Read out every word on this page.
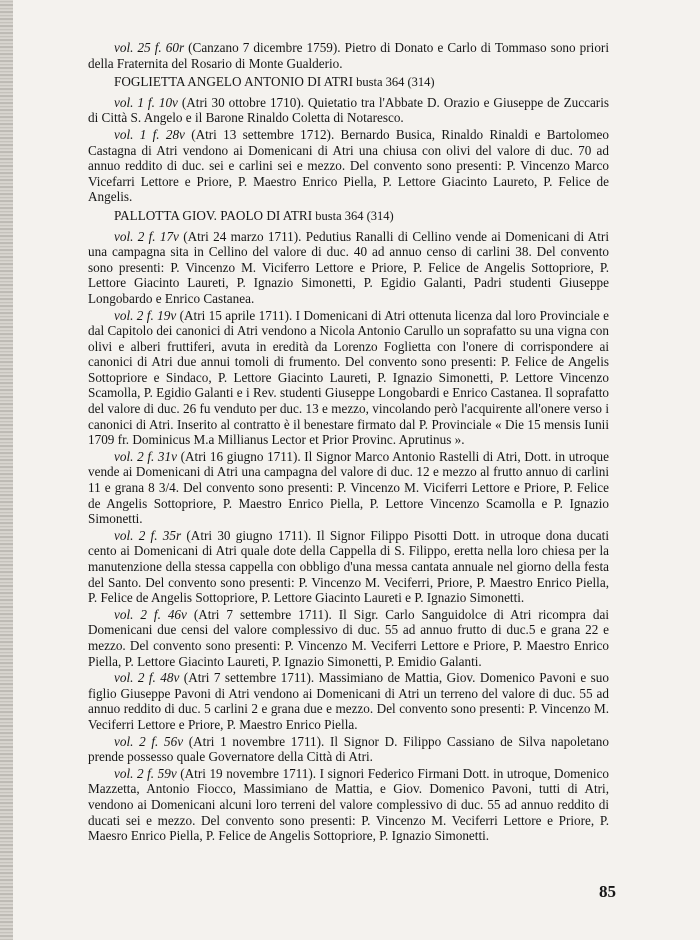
vol. 25 f. 60r (Canzano 7 dicembre 1759). Pietro di Donato e Carlo di Tommaso sono priori della Fraternita del Rosario di Monte Gualderio.

FOGLIETTA ANGELO ANTONIO DI ATRI busta 364 (314)

vol. 1 f. 10v (Atri 30 ottobre 1710). Quietatio tra l'Abbate D. Orazio e Giuseppe de Zuccaris di Città S. Angelo e il Barone Rinaldo Coletta di Notaresco.

vol. 1 f. 28v (Atri 13 settembre 1712). Bernardo Busica, Rinaldo Rinaldi e Bartolomeo Castagna di Atri vendono ai Domenicani di Atri una chiusa con olivi del valore di duc. 70 ad annuo reddito di duc. sei e carlini sei e mezzo. Del convento sono presenti: P. Vincenzo Marco Vicefarri Lettore e Priore, P. Maestro Enrico Piella, P. Lettore Giacinto Laureto, P. Felice de Angelis.

PALLOTTA GIOV. PAOLO DI ATRI busta 364 (314)

vol. 2 f. 17v (Atri 24 marzo 1711). Pedutius Ranalli di Cellino vende ai Domenicani di Atri una campagna sita in Cellino del valore di duc. 40 ad annuo censo di carlini 38. Del convento sono presenti: P. Vincenzo M. Viciferro Lettore e Priore, P. Felice de Angelis Sottopriore, P. Lettore Giacinto Laureti, P. Ignazio Simonetti, P. Egidio Galanti, Padri studenti Giuseppe Longobardo e Enrico Castanea.

vol. 2 f. 19v (Atri 15 aprile 1711). I Domenicani di Atri ottenuta licenza dal loro Provinciale e dal Capitolo dei canonici di Atri vendono a Nicola Antonio Carullo un soprafatto su una vigna con olivi e alberi fruttiferi, avuta in eredità da Lorenzo Foglietta con l'onere di corrispondere ai canonici di Atri due annui tomoli di frumento. Del convento sono presenti: P. Felice de Angelis Sottopriore e Sindaco, P. Lettore Giacinto Laureti, P. Ignazio Simonetti, P. Lettore Vincenzo Scamolla, P. Egidio Galanti e i Rev. studenti Giuseppe Longobardi e Enrico Castanea. Il soprafatto del valore di duc. 26 fu venduto per duc. 13 e mezzo, vincolando però l'acquirente all'onere verso i canonici di Atri. Inserito al contratto è il benestare firmato dal P. Provinciale « Die 15 mensis Iunii 1709 fr. Dominicus M.a Millianus Lector et Prior Provinc. Aprutinus ».

vol. 2 f. 31v (Atri 16 giugno 1711). Il Signor Marco Antonio Rastelli di Atri, Dott. in utroque vende ai Domenicani di Atri una campagna del valore di duc. 12 e mezzo al frutto annuo di carlini 11 e grana 8 3/4. Del convento sono presenti: P. Vincenzo M. Viciferri Lettore e Priore, P. Felice de Angelis Sottopriore, P. Maestro Enrico Piella, P. Lettore Vincenzo Scamolla e P. Ignazio Simonetti.

vol. 2 f. 35r (Atri 30 giugno 1711). Il Signor Filippo Pisotti Dott. in utroque dona ducati cento ai Domenicani di Atri quale dote della Cappella di S. Filippo, eretta nella loro chiesa per la manutenzione della stessa cappella con obbligo d'una messa cantata annuale nel giorno della festa del Santo. Del convento sono presenti: P. Vincenzo M. Veciferri, Priore, P. Maestro Enrico Piella, P. Felice de Angelis Sottopriore, P. Lettore Giacinto Laureti e P. Ignazio Simonetti.

vol. 2 f. 46v (Atri 7 settembre 1711). Il Sigr. Carlo Sanguidolce di Atri ricompra dai Domenicani due censi del valore complessivo di duc. 55 ad annuo frutto di duc.5 e grana 22 e mezzo. Del convento sono presenti: P. Vincenzo M. Veciferri Lettore e Priore, P. Maestro Enrico Piella, P. Lettore Giacinto Laureti, P. Ignazio Simonetti, P. Emidio Galanti.

vol. 2 f. 48v (Atri 7 settembre 1711). Massimiano de Mattia, Giov. Domenico Pavoni e suo figlio Giuseppe Pavoni di Atri vendono ai Domenicani di Atri un terreno del valore di duc. 55 ad annuo reddito di duc. 5 carlini 2 e grana due e mezzo. Del convento sono presenti: P. Vincenzo M. Veciferri Lettore e Priore, P. Maestro Enrico Piella.

vol. 2 f. 56v (Atri 1 novembre 1711). Il Signor D. Filippo Cassiano de Silva napoletano prende possesso quale Governatore della Città di Atri.

vol. 2 f. 59v (Atri 19 novembre 1711). I signori Federico Firmani Dott. in utroque, Domenico Mazzetta, Antonio Fiocco, Massimiano de Mattia, e Giov. Domenico Pavoni, tutti di Atri, vendono ai Domenicani alcuni loro terreni del valore complessivo di duc. 55 ad annuo reddito di ducati sei e mezzo. Del convento sono presenti: P. Vincenzo M. Veciferri Lettore e Priore, P. Maesro Enrico Piella, P. Felice de Angelis Sottopriore, P. Ignazio Simonetti.

85
